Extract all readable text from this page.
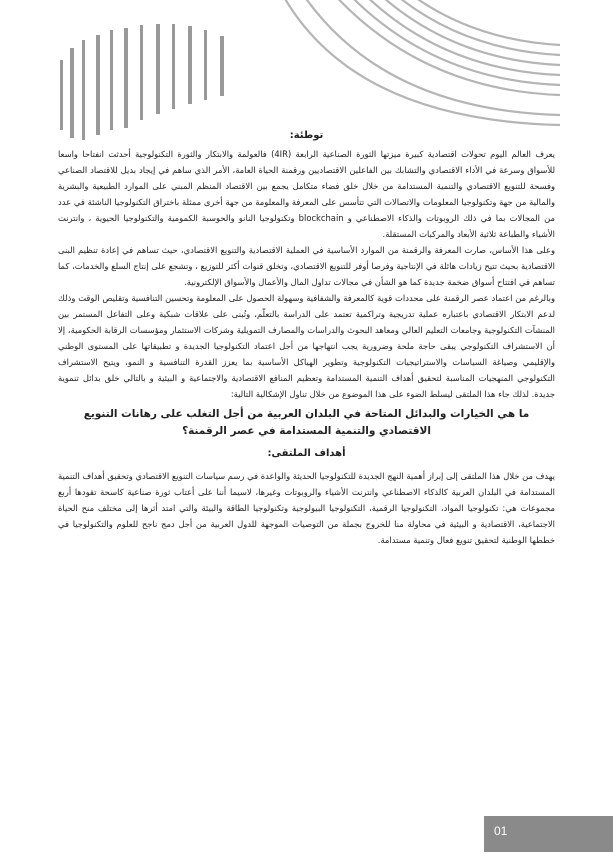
توطئة:

يعرف العالم اليوم تحولات اقتصادية كبيرة ميزتها الثورة الصناعية الرابعة (4IR) فالعولمة والابتكار والثورة التكنولوجية أحدثت انفتاحا واسعا للأسواق وسرعة في الأداء الاقتصادي والتشابك بين الفاعلين الاقتصاديين ورقمنة الحياة العامة، الأمر الذي ساهم في إيجاد بديل للاقتصاد الصناعي وفسحة للتنويع الاقتصادي والتنمية المستدامة من خلال خلق فضاء متكامل يجمع بين الاقتصاد المنظم المبني على الموارد الطبيعية والبشرية والمالية من جهة وتكنولوجيا المعلومات والاتصالات التي تتأسس على المعرفة والمعلومة من جهة أخرى ممثلة باختراق التكنولوجيا الناشئة في عدد من المجالات بما في ذلك الروبوتات والذكاء الاصطناعي و blockchain وتكنولوجيا النانو والحوسبة الكمومية والتكنولوجيا الحيوية ، وانترنت الأشياء والطباعة ثلاثية الأبعاد والمركبات المستقلة.

وعلى هذا الأساس، صارت المعرفة والرقمنة من الموارد الأساسية في العملية الاقتصادية والتنويع الاقتصادي، حيث تساهم في إعادة تنظيم البنى الاقتصادية بحيث تتيح زيادات هائلة في الإنتاجية وفرصا أوفر للتنويع الاقتصادي، وتخلق قنوات أكثر للتوزيع ، وتشجع على إنتاج السلع والخدمات، كما تساهم في افتتاح أسواق ضخمة جديدة كما هو الشأن في مجالات تداول المال والأعمال والأسواق الإلكترونية.

وبالرغم من اعتماد عصر الرقمنة على محددات قوية كالمعرفة والشفافية وسهولة الحصول على المعلومة وتحسين التنافسية وتقليص الوقت وذلك لدعم الابتكار الاقتصادي باعتباره عملية تدريجية وتراكمية تعتمد على الدراسة بالتعلّم، وتُبنى على علاقات شبكية وعلى التفاعل المستمر بين المنشآت التكنولوجية وجامعات التعليم العالي ومعاهد البحوث والدراسات والمصارف التمويلية وشركات الاستثمار ومؤسسات الرقابة الحكومية، إلا أن الاستشراف التكنولوجي يبقى حاجة ملحة وضرورية يجب انتهاجها من أجل اعتماد التكنولوجيا الجديدة و تطبيقاتها على المستوى الوطني والإقليمي وصياغة السياسات والاستراتيجيات التكنولوجية وتطوير الهياكل الأساسية بما يعزز القدرة التنافسية و النمو، ويتيح الاستشراف التكنولوجي المنهجيات المناسبة لتحقيق أهداف التنمية المستدامة وتعظيم المنافع الاقتصادية والاجتماعية و البيئية و بالتالي خلق بدائل تنموية جديدة. لذلك جاء هذا الملتقى ليسلط الضوء على هذا الموضوع من خلال تناول الإشكالية التالية:

ما هي الخيارات والبدائل المتاحة في البلدان العربية من أجل التغلب على رهانات التنويع الاقتصادي والتنمية المستدامة في عصر الرقمنة؟
أهداف الملتقى:

يهدف من خلال هذا الملتقى إلى إبراز أهمية النهج الجديدة للتكنولوجيا الحديثة والواعدة في رسم سياسات التنويع الاقتصادي وتحقيق أهداف التنمية المستدامة في البلدان العربية كالذكاء الاصطناعي وانترنت الأشياء والروبوتات وغيرها، لاسيما أننا على أعتاب ثورة صناعية كاسحة تقودها أربع مجموعات هي: تكنولوجيا المواد، التكنولوجيا الرقمية، التكنولوجيا البيولوجية وتكنولوجيا الطاقة والبيئة والتي امتد أثرها إلى مختلف منح الحياة الاجتماعية، الاقتصادية و البيئية في محاولة منا للخروج بجملة من التوصيات الموجهة للدول العربية من أجل دمج ناجح للعلوم والتكنولوجيا في خططها الوطنية لتحقيق تنويع فعال وتنمية مستدامة.

01
